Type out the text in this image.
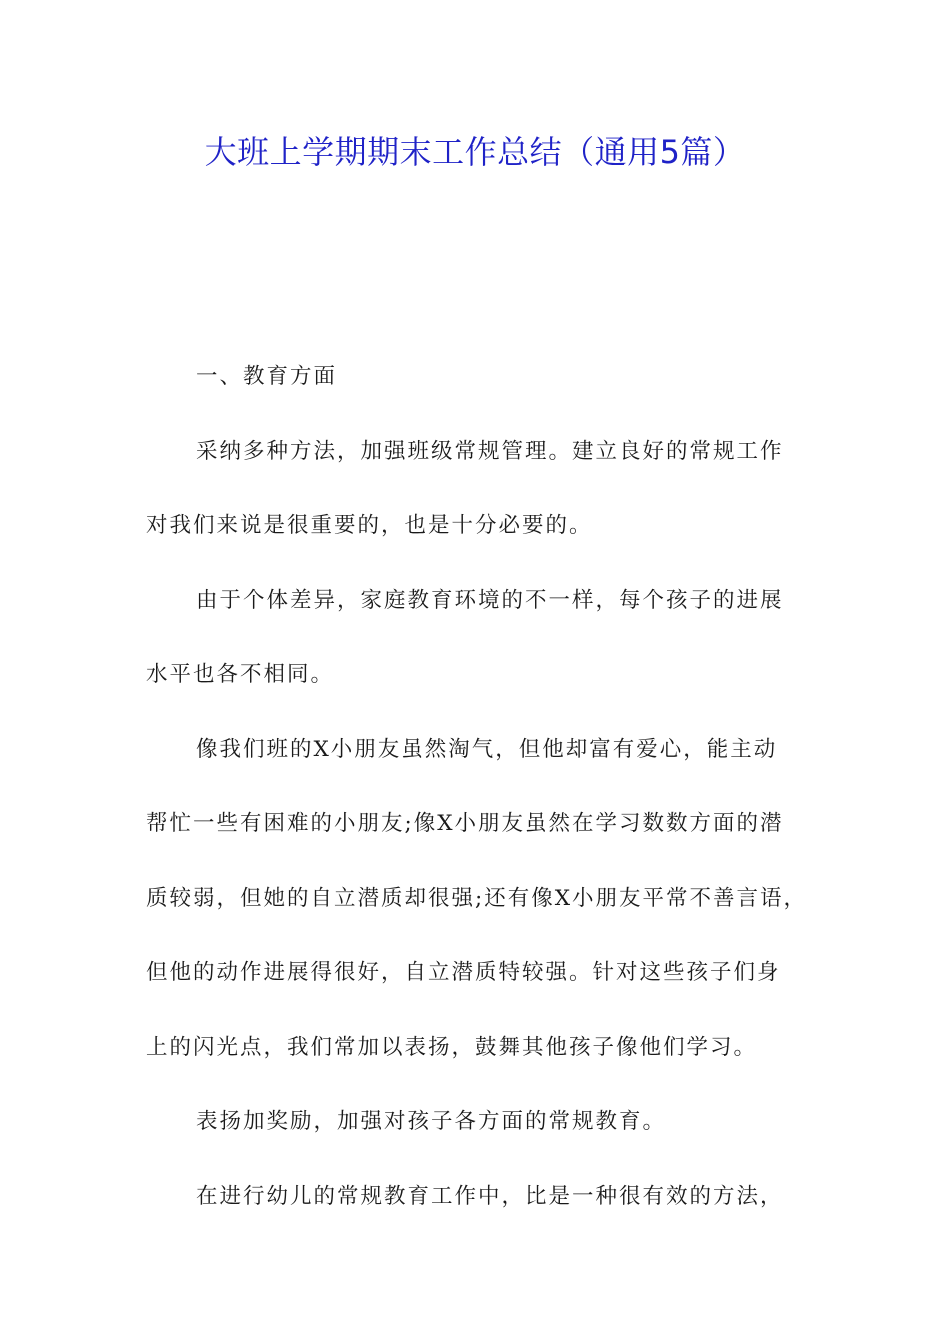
大班上学期期末工作总结（通用5篇）

一、教育方面

采纳多种方法，加强班级常规管理。建立良好的常规工作

对我们来说是很重要的，也是十分必要的。

由于个体差异，家庭教育环境的不一样，每个孩子的进展

水平也各不相同。

像我们班的X小朋友虽然淘气，但他却富有爱心，能主动

帮忙一些有困难的小朋友;像X小朋友虽然在学习数数方面的潜

质较弱，但她的自立潜质却很强;还有像X小朋友平常不善言语，

但他的动作进展得很好，自立潜质特较强。针对这些孩子们身

上的闪光点，我们常加以表扬，鼓舞其他孩子像他们学习。

表扬加奖励，加强对孩子各方面的常规教育。

在进行幼儿的常规教育工作中，比是一种很有效的方法，
